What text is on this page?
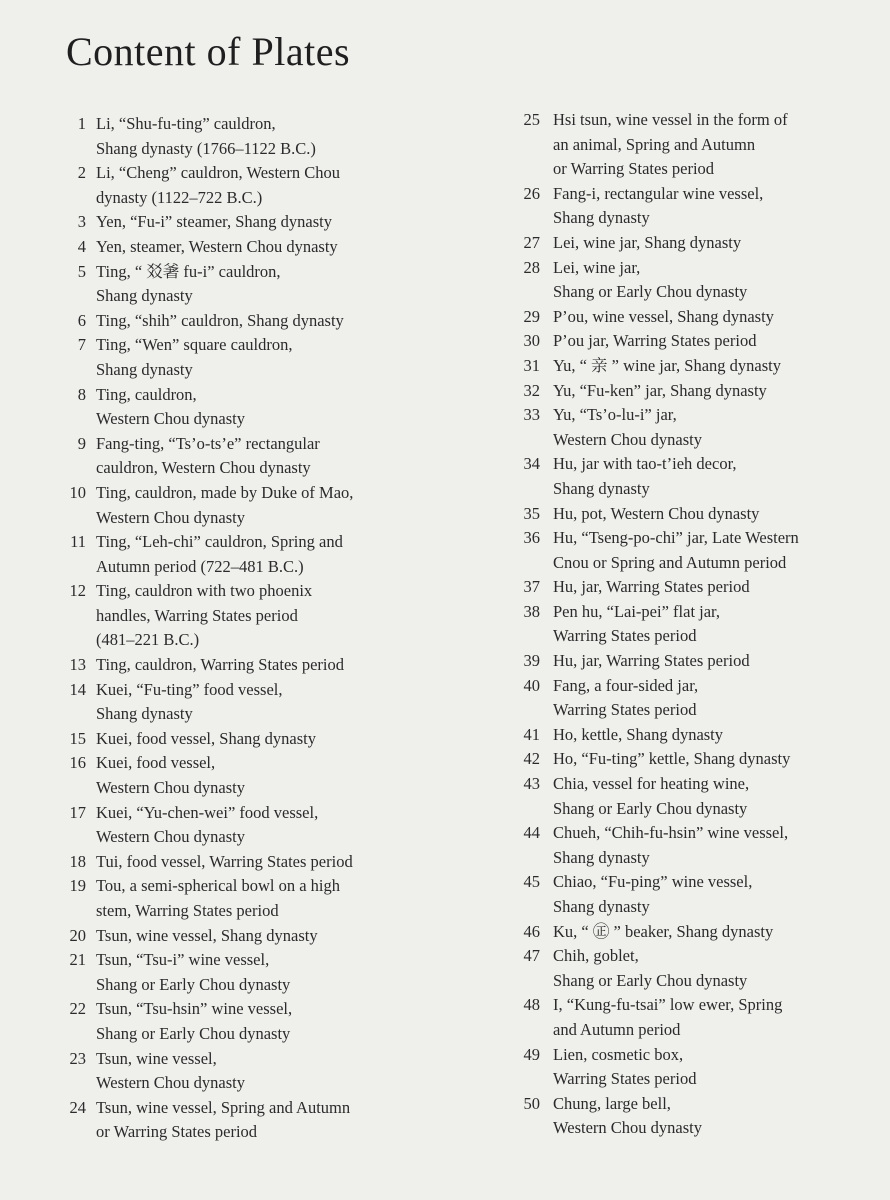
Content of Plates
1 Li, “Shu-fu-ting” cauldron,
Shang dynasty (1766–1122 B.C.)
2 Li, “Cheng” cauldron, Western Chou
dynasty (1122–722 B.C.)
3 Yen, “Fu-i” steamer, Shang dynasty
4 Yen, steamer, Western Chou dynasty
5 Ting, “ 㸚㸙 fu-i” cauldron,
Shang dynasty
6 Ting, “shih” cauldron, Shang dynasty
7 Ting, “Wen” square cauldron,
Shang dynasty
8 Ting, cauldron,
Western Chou dynasty
9 Fang-ting, “Ts’o-ts’e” rectangular
cauldron, Western Chou dynasty
10 Ting, cauldron, made by Duke of Mao,
Western Chou dynasty
11 Ting, “Leh-chi” cauldron, Spring and
Autumn period (722–481 B.C.)
12 Ting, cauldron with two phoenix
handles, Warring States period
(481–221 B.C.)
13 Ting, cauldron, Warring States period
14 Kuei, “Fu-ting” food vessel,
Shang dynasty
15 Kuei, food vessel, Shang dynasty
16 Kuei, food vessel,
Western Chou dynasty
17 Kuei, “Yu-chen-wei” food vessel,
Western Chou dynasty
18 Tui, food vessel, Warring States period
19 Tou, a semi-spherical bowl on a high
stem, Warring States period
20 Tsun, wine vessel, Shang dynasty
21 Tsun, “Tsu-i” wine vessel,
Shang or Early Chou dynasty
22 Tsun, “Tsu-hsin” wine vessel,
Shang or Early Chou dynasty
23 Tsun, wine vessel,
Western Chou dynasty
24 Tsun, wine vessel, Spring and Autumn
or Warring States period
25 Hsi tsun, wine vessel in the form of
an animal, Spring and Autumn
or Warring States period
26 Fang-i, rectangular wine vessel,
Shang dynasty
27 Lei, wine jar, Shang dynasty
28 Lei, wine jar,
Shang or Early Chou dynasty
29 P’ou, wine vessel, Shang dynasty
30 P’ou jar, Warring States period
31 Yu, “ 亲 ” wine jar, Shang dynasty
32 Yu, “Fu-ken” jar, Shang dynasty
33 Yu, “Ts’o-lu-i” jar,
Western Chou dynasty
34 Hu, jar with tao-t’ieh decor,
Shang dynasty
35 Hu, pot, Western Chou dynasty
36 Hu, “Tseng-po-chi” jar, Late Western
Cnou or Spring and Autumn period
37 Hu, jar, Warring States period
38 Pen hu, “Lai-pei” flat jar,
Warring States period
39 Hu, jar, Warring States period
40 Fang, a four-sided jar,
Warring States period
41 Ho, kettle, Shang dynasty
42 Ho, “Fu-ting” kettle, Shang dynasty
43 Chia, vessel for heating wine,
Shang or Early Chou dynasty
44 Chueh, “Chih-fu-hsin” wine vessel,
Shang dynasty
45 Chiao, “Fu-ping” wine vessel,
Shang dynasty
46 Ku, “ ㊣ ” beaker, Shang dynasty
47 Chih, goblet,
Shang or Early Chou dynasty
48 I, “Kung-fu-tsai” low ewer, Spring
and Autumn period
49 Lien, cosmetic box,
Warring States period
50 Chung, large bell,
Western Chou dynasty
